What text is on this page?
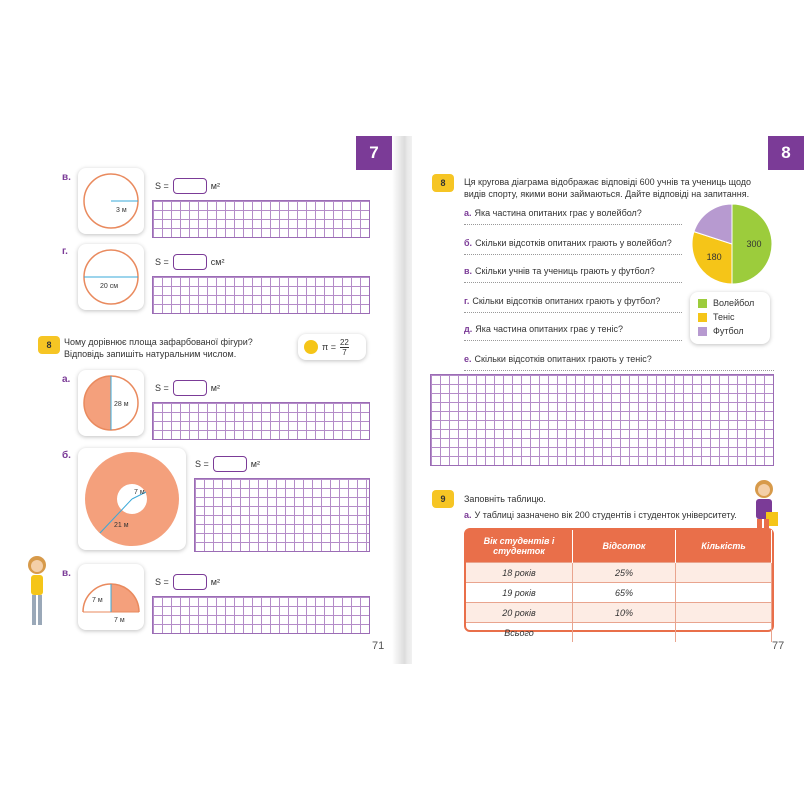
7
в.
3 м
S =	м²
г.
20 см
S =	см²
8	Чому дорівнює площа зафарбованої фігури?
Відповідь запишіть натуральним числом.
$\pi = \frac{22}{7}$
а.
28 м
S =	м²
б.
7 м
21 м
S =	м²
в.
7 м
7 м
S =	м²
71
8
8	Ця кругова діаграма відображає відповіді 600 учнів та учениць щодо
видів спорту, якими вони займаються. Дайте відповіді на запитання.
а. Яка частина опитаних грає у волейбол?
б. Скільки відсотків опитаних грають у волейбол?
в. Скільки учнів та учениць грають у футбол?
г. Скільки відсотків опитаних грають у футбол?
д. Яка частина опитаних грає у теніс?
е. Скільки відсотків опитаних грають у теніс?
300
180
Волейбол
Теніс
Футбол
9	Заповніть таблицю.
а. У таблиці зазначено вік 200 студентів і студенток університету.
Вік студентів і студенток	Відсоток	Кількість
18 років	25%	
19 років	65%	
20 років	10%	
Всього		
77
